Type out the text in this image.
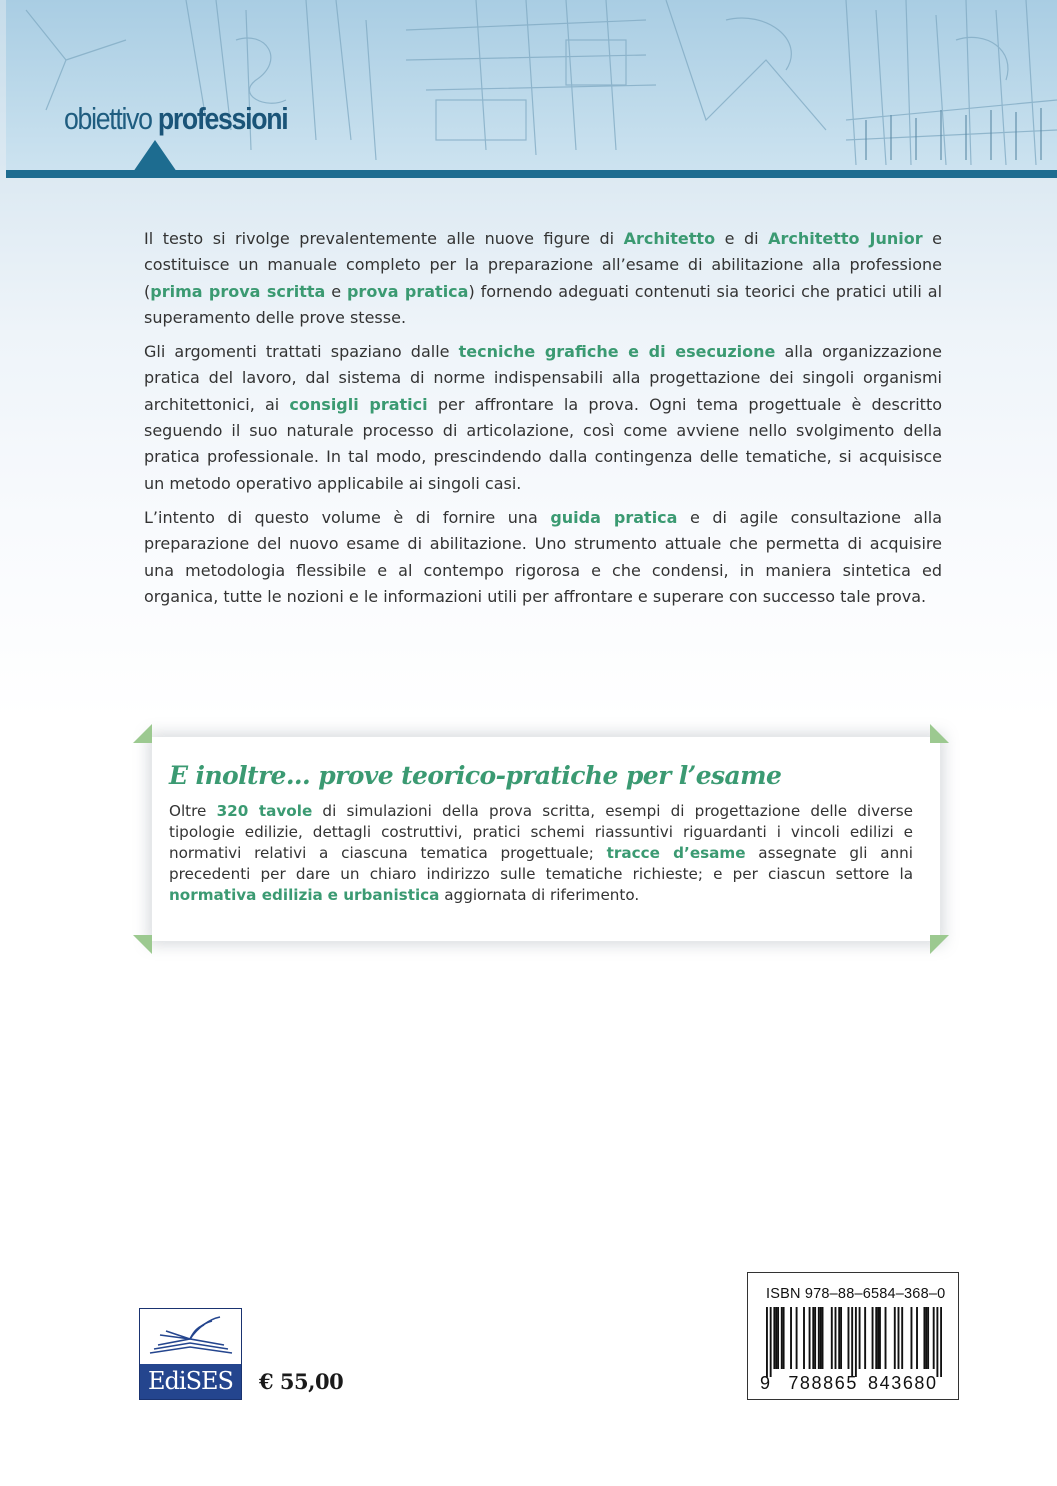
obiettivo professioni

Il testo si rivolge prevalentemente alle nuove figure di Architetto e di Architetto Junior e costituisce un manuale completo per la preparazione all’esame di abilitazione alla professione (prima prova scritta e prova pratica) fornendo adeguati contenuti sia teorici che pratici utili al superamento delle prove stesse.

Gli argomenti trattati spaziano dalle tecniche grafiche e di esecuzione alla organizzazione pratica del lavoro, dal sistema di norme indispensabili alla progettazione dei singoli organismi architettonici, ai consigli pratici per affrontare la prova. Ogni tema progettuale è descritto seguendo il suo naturale processo di articolazione, così come avviene nello svolgimento della pratica professionale. In tal modo, prescindendo dalla contingenza delle tematiche, si acquisisce un metodo operativo applicabile ai singoli casi.

L’intento di questo volume è di fornire una guida pratica e di agile consultazione alla preparazione del nuovo esame di abilitazione. Uno strumento attuale che permetta di acquisire una metodologia flessibile e al contempo rigorosa e che condensi, in maniera sintetica ed organica, tutte le nozioni e le informazioni utili per affrontare e superare con successo tale prova.

E inoltre... prove teorico-pratiche per l’esame
Oltre 320 tavole di simulazioni della prova scritta, esempi di progettazione delle diverse tipologie edilizie, dettagli costruttivi, pratici schemi riassuntivi riguardanti i vincoli edilizi e normativi relativi a ciascuna tematica progettuale; tracce d’esame assegnate gli anni precedenti per dare un chiaro indirizzo sulle tematiche richieste; e per ciascun settore la normativa edilizia e urbanistica aggiornata di riferimento.
EdiSES	€ 55,00
ISBN 978–88–6584–368–0
9 788865 843680
